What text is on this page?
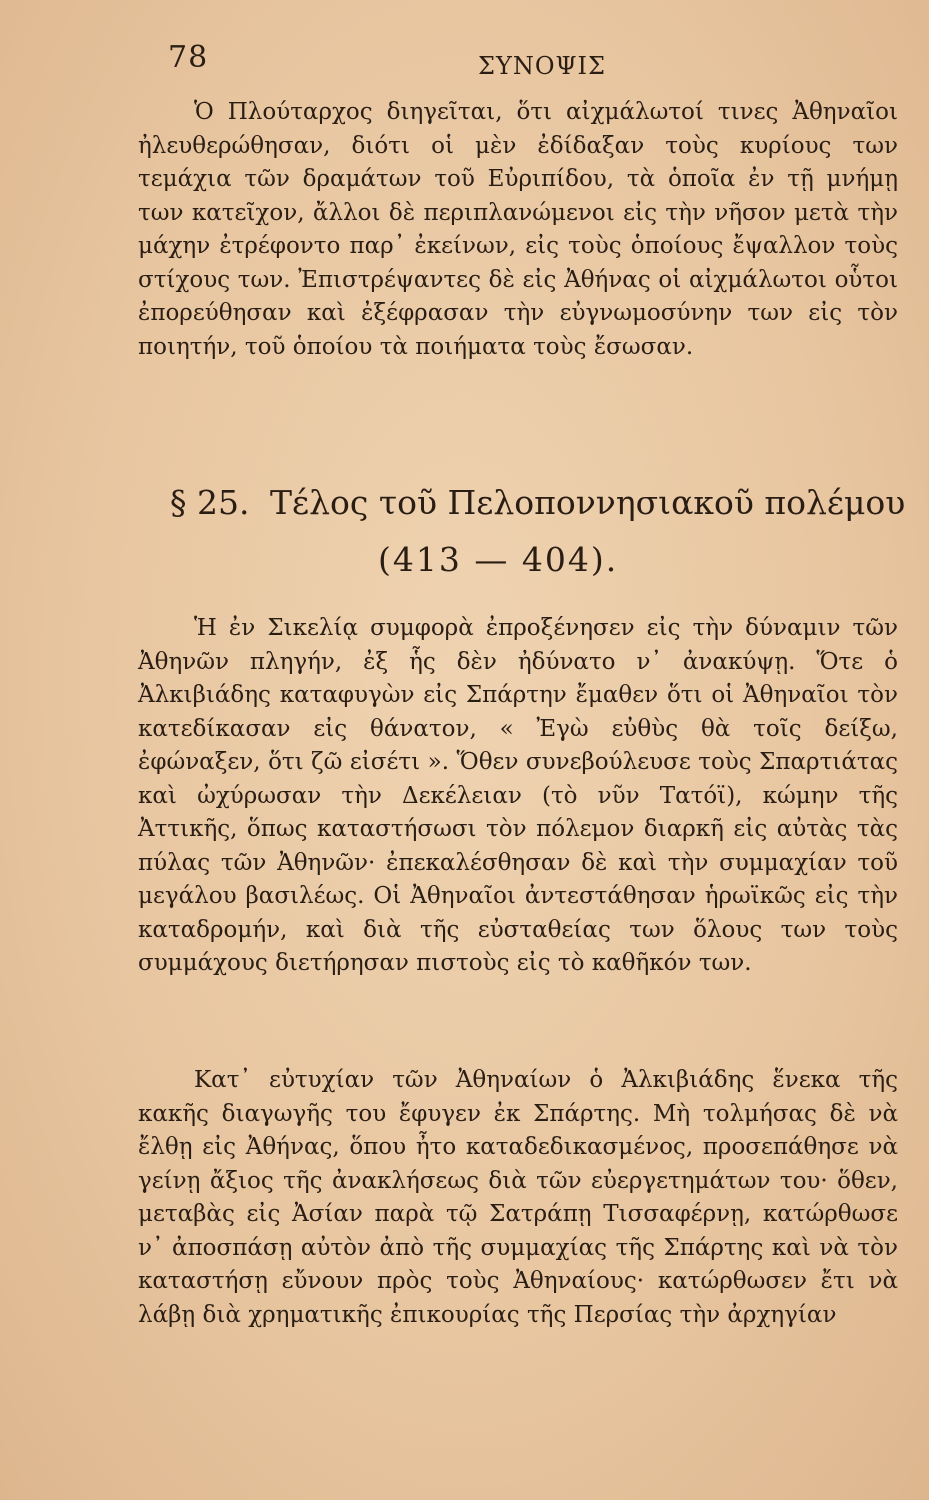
78	ΣΥΝΟΨΙΣ

Ὁ Πλούταρχος διηγεῖται, ὅτι αἰχμάλωτοί τινες Ἀθηναῖοι ἠλευθερώθησαν, διότι οἱ μὲν ἐδίδαξαν τοὺς κυρίους των τεμάχια τῶν δραμάτων τοῦ Εὐριπίδου, τὰ ὁποῖα ἐν τῇ μνήμῃ των κατεῖχον, ἄλλοι δὲ περιπλανώμενοι εἰς τὴν νῆσον μετὰ τὴν μάχην ἐτρέφοντο παρ᾽ ἐκείνων, εἰς τοὺς ὁποίους ἔψαλλον τοὺς στίχους των. Ἐπιστρέψαντες δὲ εἰς Ἀθήνας οἱ αἰχμάλωτοι οὗτοι ἐπορεύθησαν καὶ ἐξέφρασαν τὴν εὐγνωμοσύνην των εἰς τὸν ποιητήν, τοῦ ὁποίου τὰ ποιήματα τοὺς ἔσωσαν.

§ 25. Τέλος τοῦ Πελοποννησιακοῦ πολέμου
(413 — 404).

Ἡ ἐν Σικελίᾳ συμφορὰ ἐπροξένησεν εἰς τὴν δύναμιν τῶν Ἀθηνῶν πληγήν, ἐξ ἧς δὲν ἠδύνατο ν᾽ ἀνακύψῃ. Ὅτε ὁ Ἀλκιβιάδης καταφυγὼν εἰς Σπάρτην ἔμαθεν ὅτι οἱ Ἀθηναῖοι τὸν κατεδίκασαν εἰς θάνατον, « Ἐγὼ εὐθὺς θὰ τοῖς δείξω, ἐφώναξεν, ὅτι ζῶ εἰσέτι ». Ὅθεν συνεβούλευσε τοὺς Σπαρτιάτας καὶ ὠχύρωσαν τὴν Δεκέλειαν (τὸ νῦν Τατόϊ), κώμην τῆς Ἀττικῆς, ὅπως καταστήσωσι τὸν πόλεμον διαρκῆ εἰς αὐτὰς τὰς πύλας τῶν Ἀθηνῶν· ἐπεκαλέσθησαν δὲ καὶ τὴν συμμαχίαν τοῦ μεγάλου βασιλέως. Οἱ Ἀθηναῖοι ἀντεστάθησαν ἡρωϊκῶς εἰς τὴν καταδρομήν, καὶ διὰ τῆς εὐσταθείας των ὅλους των τοὺς συμμάχους διετήρησαν πιστοὺς εἰς τὸ καθῆκόν των.

Κατ᾽ εὐτυχίαν τῶν Ἀθηναίων ὁ Ἀλκιβιάδης ἕνεκα τῆς κακῆς διαγωγῆς του ἔφυγεν ἐκ Σπάρτης. Μὴ τολμήσας δὲ νὰ ἔλθῃ εἰς Ἀθήνας, ὅπου ἦτο καταδεδικασμένος, προσεπάθησε νὰ γείνῃ ἄξιος τῆς ἀνακλήσεως διὰ τῶν εὐεργετημάτων του· ὅθεν, μεταβὰς εἰς Ἀσίαν παρὰ τῷ Σατράπῃ Τισσαφέρνῃ, κατώρθωσε ν᾽ ἀποσπάσῃ αὐτὸν ἀπὸ τῆς συμμαχίας τῆς Σπάρτης καὶ νὰ τὸν καταστήσῃ εὔνουν πρὸς τοὺς Ἀθηναίους· κατώρθωσεν ἔτι νὰ λάβῃ διὰ χρηματικῆς ἐπικουρίας τῆς Περσίας τὴν ἀρχηγίαν
